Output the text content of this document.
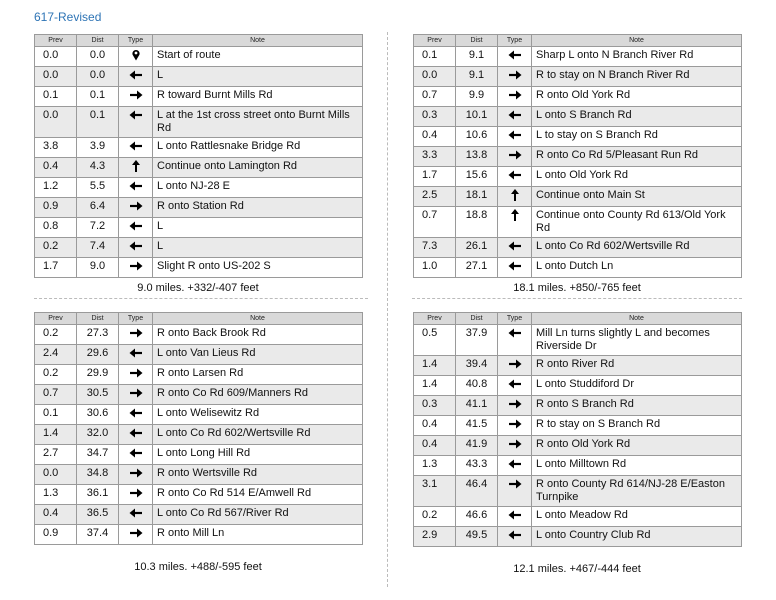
617-Revised
Prev	Dist	Type	Note
0.0	0.0		Start of route
0.0	0.0		L
0.1	0.1		R toward Burnt Mills Rd
0.0	0.1		L at the 1st cross street onto Burnt Mills Rd
3.8	3.9		L onto Rattlesnake Bridge Rd
0.4	4.3		Continue onto Lamington Rd
1.2	5.5		L onto NJ-28 E
0.9	6.4		R onto Station Rd
0.8	7.2		L
0.2	7.4		L
1.7	9.0		Slight R onto US-202 S
9.0 miles. +332/-407 feet
Prev	Dist	Type	Note
0.1	9.1		Sharp L onto N Branch River Rd
0.0	9.1		R to stay on N Branch River Rd
0.7	9.9		R onto Old York Rd
0.3	10.1		L onto S Branch Rd
0.4	10.6		L to stay on S Branch Rd
3.3	13.8		R onto Co Rd 5/Pleasant Run Rd
1.7	15.6		L onto Old York Rd
2.5	18.1		Continue onto Main St
0.7	18.8		Continue onto County Rd 613/Old York Rd
7.3	26.1		L onto Co Rd 602/Wertsville Rd
1.0	27.1		L onto Dutch Ln
18.1 miles. +850/-765 feet
Prev	Dist	Type	Note
0.2	27.3		R onto Back Brook Rd
2.4	29.6		L onto Van Lieus Rd
0.2	29.9		R onto Larsen Rd
0.7	30.5		R onto Co Rd 609/Manners Rd
0.1	30.6		L onto Welisewitz Rd
1.4	32.0		L onto Co Rd 602/Wertsville Rd
2.7	34.7		L onto Long Hill Rd
0.0	34.8		R onto Wertsville Rd
1.3	36.1		R onto Co Rd 514 E/Amwell Rd
0.4	36.5		L onto Co Rd 567/River Rd
0.9	37.4		R onto Mill Ln
10.3 miles. +488/-595 feet
Prev	Dist	Type	Note
0.5	37.9		Mill Ln turns slightly L and becomes Riverside Dr
1.4	39.4		R onto River Rd
1.4	40.8		L onto Studdiford Dr
0.3	41.1		R onto S Branch Rd
0.4	41.5		R to stay on S Branch Rd
0.4	41.9		R onto Old York Rd
1.3	43.3		L onto Milltown Rd
3.1	46.4		R onto County Rd 614/NJ-28 E/Easton Turnpike
0.2	46.6		L onto Meadow Rd
2.9	49.5		L onto Country Club Rd
12.1 miles. +467/-444 feet
